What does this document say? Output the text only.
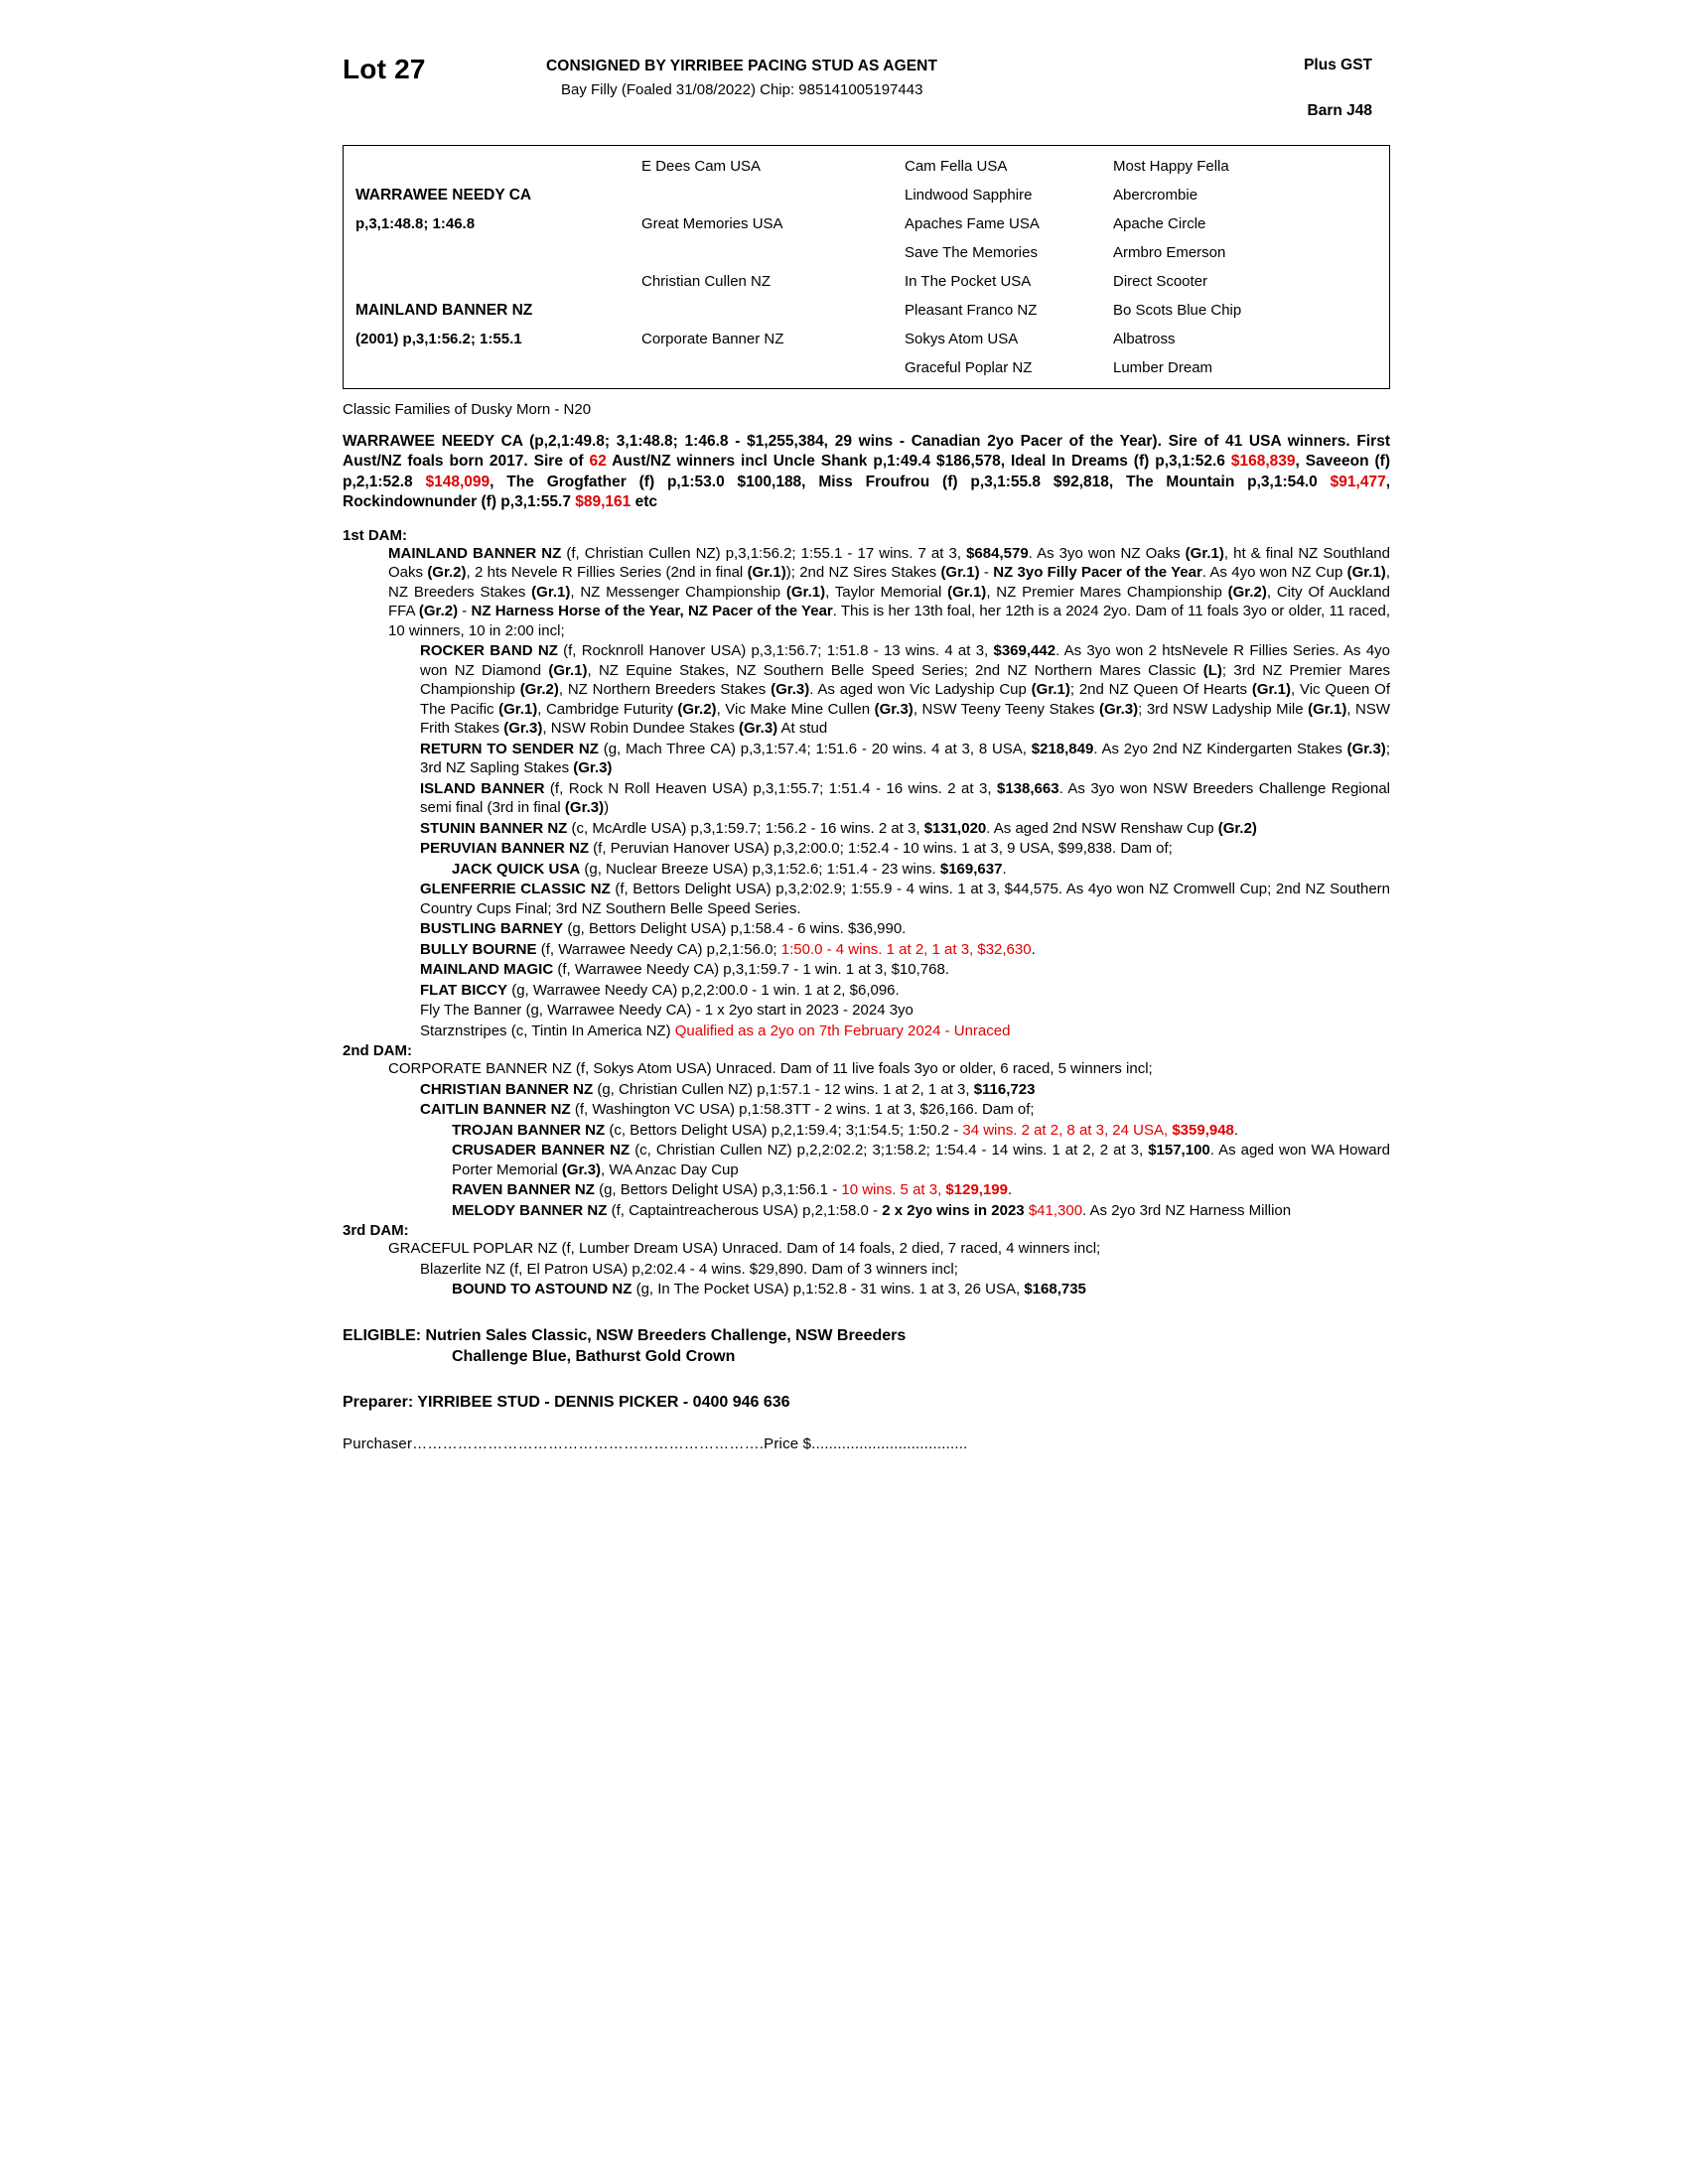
Lot 27	CONSIGNED BY YIRRIBEE PACING STUD AS AGENT
Bay Filly (Foaled 31/08/2022) Chip: 985141005197443
Plus GST
Barn J48

WARRAWEE NEEDY CA
p,3,1:48.8; 1:46.8

E Dees Cam USA

Great Memories USA

Cam Fella USA
Lindwood Sapphire
Apaches Fame USA
Save The Memories
Most Happy Fella
Abercrombie
Apache Circle
Armbro Emerson

MAINLAND BANNER NZ
(2001) p,3,1:56.2; 1:55.1

Christian Cullen NZ

Corporate Banner NZ

In The Pocket USA
Pleasant Franco NZ
Sokys Atom USA
Graceful Poplar NZ
Direct Scooter
Bo Scots Blue Chip
Albatross
Lumber Dream
Classic Families of Dusky Morn - N20
WARRAWEE NEEDY CA (p,2,1:49.8; 3,1:48.8; 1:46.8 - $1,255,384, 29 wins - Canadian 2yo Pacer of the Year). Sire of 41 USA winners. First Aust/NZ foals born 2017. Sire of 62 Aust/NZ winners incl Uncle Shank p,1:49.4 $186,578, Ideal In Dreams (f) p,3,1:52.6 $168,839, Saveeon (f) p,2,1:52.8 $148,099, The Grogfather (f) p,1:53.0 $100,188, Miss Froufrou (f) p,3,1:55.8 $92,818, The Mountain p,3,1:54.0 $91,477, Rockindownunder (f) p,3,1:55.7 $89,161 etc
1st DAM:

MAINLAND BANNER NZ (f, Christian Cullen NZ) p,3,1:56.2; 1:55.1 - 17 wins. 7 at 3, $684,579. As 3yo won NZ Oaks (Gr.1), ht & final NZ Southland Oaks (Gr.2), 2 hts Nevele R Fillies Series (2nd in final (Gr.1)); 2nd NZ Sires Stakes (Gr.1) - NZ 3yo Filly Pacer of the Year. As 4yo won NZ Cup (Gr.1), NZ Breeders Stakes (Gr.1), NZ Messenger Championship (Gr.1), Taylor Memorial (Gr.1), NZ Premier Mares Championship (Gr.2), City Of Auckland FFA (Gr.2) - NZ Harness Horse of the Year, NZ Pacer of the Year. This is her 13th foal, her 12th is a 2024 2yo. Dam of 11 foals 3yo or older, 11 raced, 10 winners, 10 in 2:00 incl;

ROCKER BAND NZ (f, Rocknroll Hanover USA) p,3,1:56.7; 1:51.8 - 13 wins. 4 at 3, $369,442. As 3yo won 2 htsNevele R Fillies Series. As 4yo won NZ Diamond (Gr.1), NZ Equine Stakes, NZ Southern Belle Speed Series; 2nd NZ Northern Mares Classic (L); 3rd NZ Premier Mares Championship (Gr.2), NZ Northern Breeders Stakes (Gr.3). As aged won Vic Ladyship Cup (Gr.1); 2nd NZ Queen Of Hearts (Gr.1), Vic Queen Of The Pacific (Gr.1), Cambridge Futurity (Gr.2), Vic Make Mine Cullen (Gr.3), NSW Teeny Teeny Stakes (Gr.3); 3rd NSW Ladyship Mile (Gr.1), NSW Frith Stakes (Gr.3), NSW Robin Dundee Stakes (Gr.3) At stud

RETURN TO SENDER NZ (g, Mach Three CA) p,3,1:57.4; 1:51.6 - 20 wins. 4 at 3, 8 USA, $218,849. As 2yo 2nd NZ Kindergarten Stakes (Gr.3); 3rd NZ Sapling Stakes (Gr.3)

ISLAND BANNER (f, Rock N Roll Heaven USA) p,3,1:55.7; 1:51.4 - 16 wins. 2 at 3, $138,663. As 3yo won NSW Breeders Challenge Regional semi final (3rd in final (Gr.3))

STUNIN BANNER NZ (c, McArdle USA) p,3,1:59.7; 1:56.2 - 16 wins. 2 at 3, $131,020. As aged 2nd NSW Renshaw Cup (Gr.2)

PERUVIAN BANNER NZ (f, Peruvian Hanover USA) p,3,2:00.0; 1:52.4 - 10 wins. 1 at 3, 9 USA, $99,838. Dam of;

JACK QUICK USA (g, Nuclear Breeze USA) p,3,1:52.6; 1:51.4 - 23 wins. $169,637.

GLENFERRIE CLASSIC NZ (f, Bettors Delight USA) p,3,2:02.9; 1:55.9 - 4 wins. 1 at 3, $44,575. As 4yo won NZ Cromwell Cup; 2nd NZ Southern Country Cups Final; 3rd NZ Southern Belle Speed Series.

BUSTLING BARNEY (g, Bettors Delight USA) p,1:58.4 - 6 wins. $36,990.

BULLY BOURNE (f, Warrawee Needy CA) p,2,1:56.0; 1:50.0 - 4 wins. 1 at 2, 1 at 3, $32,630.

MAINLAND MAGIC (f, Warrawee Needy CA) p,3,1:59.7 - 1 win. 1 at 3, $10,768.

FLAT BICCY (g, Warrawee Needy CA) p,2,2:00.0 - 1 win. 1 at 2, $6,096.

Fly The Banner (g, Warrawee Needy CA) - 1 x 2yo start in 2023 - 2024 3yo

Starznstripes (c, Tintin In America NZ) Qualified as a 2yo on 7th February 2024 - Unraced

2nd DAM:

CORPORATE BANNER NZ (f, Sokys Atom USA) Unraced. Dam of 11 live foals 3yo or older, 6 raced, 5 winners incl;

CHRISTIAN BANNER NZ (g, Christian Cullen NZ) p,1:57.1 - 12 wins. 1 at 2, 1 at 3, $116,723

CAITLIN BANNER NZ (f, Washington VC USA) p,1:58.3TT - 2 wins. 1 at 3, $26,166. Dam of;

TROJAN BANNER NZ (c, Bettors Delight USA) p,2,1:59.4; 3;1:54.5; 1:50.2 - 34 wins. 2 at 2, 8 at 3, 24 USA, $359,948.

CRUSADER BANNER NZ (c, Christian Cullen NZ) p,2,2:02.2; 3;1:58.2; 1:54.4 - 14 wins. 1 at 2, 2 at 3, $157,100. As aged won WA Howard Porter Memorial (Gr.3), WA Anzac Day Cup

RAVEN BANNER NZ (g, Bettors Delight USA) p,3,1:56.1 - 10 wins. 5 at 3, $129,199.

MELODY BANNER NZ (f, Captaintreacherous USA) p,2,1:58.0 - 2 x 2yo wins in 2023 $41,300. As 2yo 3rd NZ Harness Million

3rd DAM:

GRACEFUL POPLAR NZ (f, Lumber Dream USA) Unraced. Dam of 14 foals, 2 died, 7 raced, 4 winners incl;

Blazerlite NZ (f, El Patron USA) p,2:02.4 - 4 wins. $29,890. Dam of 3 winners incl;

BOUND TO ASTOUND NZ (g, In The Pocket USA) p,1:52.8 - 31 wins. 1 at 3, 26 USA, $168,735

ELIGIBLE: Nutrien Sales Classic, NSW Breeders Challenge, NSW Breeders
Challenge Blue, Bathurst Gold Crown
Preparer: YIRRIBEE STUD - DENNIS PICKER - 0400 946 636
Purchaser…………………………………………………………….Price $....................................
